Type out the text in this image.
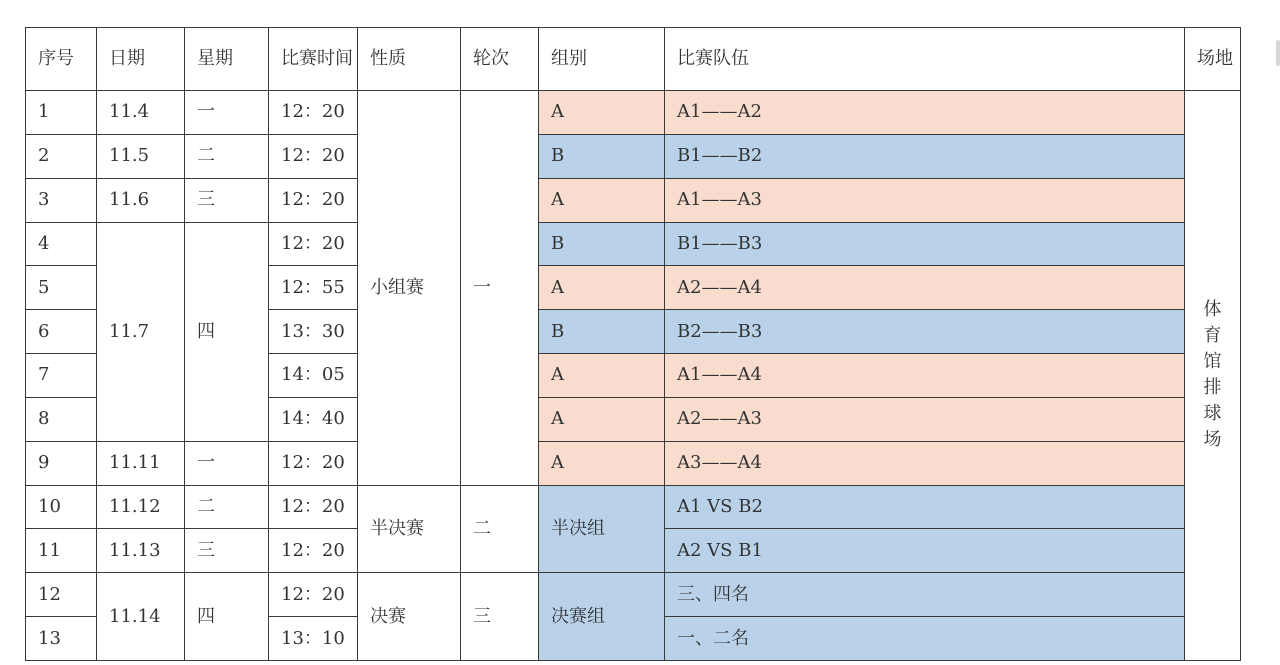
序号	日期	星期	比赛时间	性质	轮次	组别	比赛队伍	场地
1	11.4	一	12：20	小组赛	一	A	A1——A2	体育馆排球场
2	11.5	二	12：20			B	B1——B2	
3	11.6	三	12：20			A	A1——A3	
4	11.7	四	12：20			B	B1——B3	
5			12：55			A	A2——A4	
6			13：30			B	B2——B3	
7			14：05			A	A1——A4	
8			14：40			A	A2——A3	
9	11.11	一	12：20			A	A3——A4	
10	11.12	二	12：20	半决赛	二	半决组	A1 VS B2	
11	11.13	三	12：20				A2 VS B1	
12	11.14	四	12：20	决赛	三	决赛组	三、四名	
13			13：10				一、二名	
